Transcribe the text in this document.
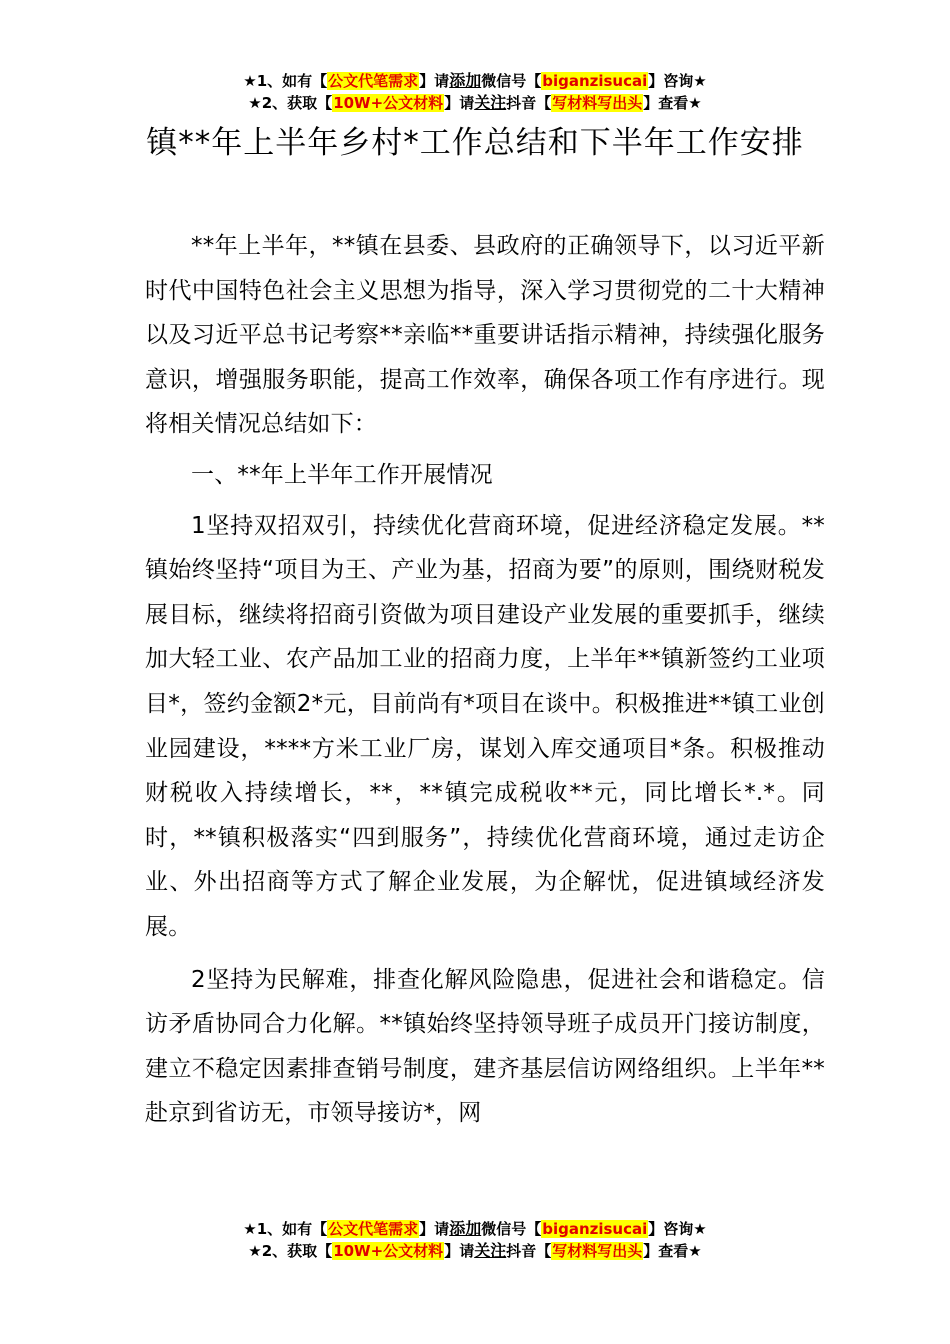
★1、如有【公文代笔需求】请添加微信号【biganzisucai】咨询★
★2、获取【10W+公文材料】请关注抖音【写材料写出头】查看★
镇**年上半年乡村*工作总结和下半年工作安排

**年上半年，**镇在县委、县政府的正确领导下，以习近平新时代中国特色社会主义思想为指导，深入学习贯彻党的二十大精神以及习近平总书记考察**亲临**重要讲话指示精神，持续强化服务意识，增强服务职能，提高工作效率，确保各项工作有序进行。现将相关情况总结如下：

一、**年上半年工作开展情况

1坚持双招双引，持续优化营商环境，促进经济稳定发展。**镇始终坚持“项目为王、产业为基，招商为要”的原则，围绕财税发展目标，继续将招商引资做为项目建设产业发展的重要抓手，继续加大轻工业、农产品加工业的招商力度，上半年**镇新签约工业项目*，签约金额2*元，目前尚有*项目在谈中。积极推进**镇工业创业园建设，****方米工业厂房，谋划入库交通项目*条。积极推动财税收入持续增长，**，**镇完成税收**元，同比增长*.*。同时，**镇积极落实“四到服务”，持续优化营商环境，通过走访企业、外出招商等方式了解企业发展，为企解忧，促进镇域经济发展。

2坚持为民解难，排查化解风险隐患，促进社会和谐稳定。信访矛盾协同合力化解。**镇始终坚持领导班子成员开门接访制度，建立不稳定因素排查销号制度，建齐基层信访网络组织。上半年**赴京到省访无，市领导接访*，网

★1、如有【公文代笔需求】请添加微信号【biganzisucai】咨询★
★2、获取【10W+公文材料】请关注抖音【写材料写出头】查看★
